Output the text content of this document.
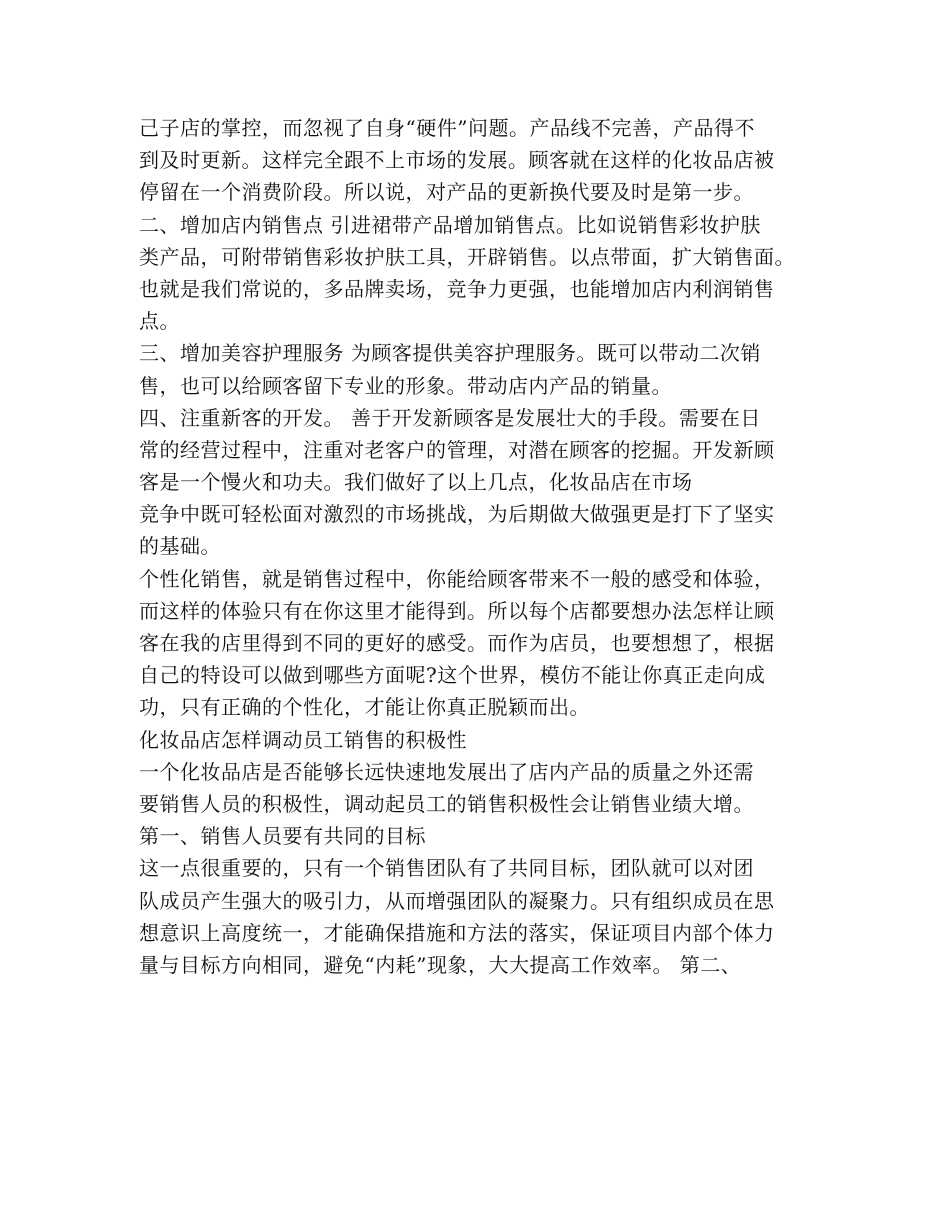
己子店的掌控，而忽视了自身“硬件”问题。产品线不完善，产品得不
到及时更新。这样完全跟不上市场的发展。顾客就在这样的化妆品店被
停留在一个消费阶段。所以说，对产品的更新换代要及时是第一步。
二、增加店内销售点 引进裙带产品增加销售点。比如说销售彩妆护肤
类产品，可附带销售彩妆护肤工具，开辟销售。以点带面，扩大销售面。
也就是我们常说的，多品牌卖场，竞争力更强，也能增加店内利润销售
点。
三、增加美容护理服务 为顾客提供美容护理服务。既可以带动二次销
售，也可以给顾客留下专业的形象。带动店内产品的销量。
四、注重新客的开发。 善于开发新顾客是发展壮大的手段。需要在日
常的经营过程中，注重对老客户的管理，对潜在顾客的挖掘。开发新顾
客是一个慢火和功夫。我们做好了以上几点，化妆品店在市场
竞争中既可轻松面对激烈的市场挑战，为后期做大做强更是打下了坚实
的基础。
个性化销售，就是销售过程中，你能给顾客带来不一般的感受和体验，
而这样的体验只有在你这里才能得到。所以每个店都要想办法怎样让顾
客在我的店里得到不同的更好的感受。而作为店员，也要想想了，根据
自己的特设可以做到哪些方面呢?这个世界，模仿不能让你真正走向成
功，只有正确的个性化，才能让你真正脱颖而出。
化妆品店怎样调动员工销售的积极性
一个化妆品店是否能够长远快速地发展出了店内产品的质量之外还需
要销售人员的积极性，调动起员工的销售积极性会让销售业绩大增。
第一、销售人员要有共同的目标
这一点很重要的，只有一个销售团队有了共同目标，团队就可以对团
队成员产生强大的吸引力，从而增强团队的凝聚力。只有组织成员在思
想意识上高度统一，才能确保措施和方法的落实，保证项目内部个体力
量与目标方向相同，避免“内耗”现象，大大提高工作效率。 第二、
